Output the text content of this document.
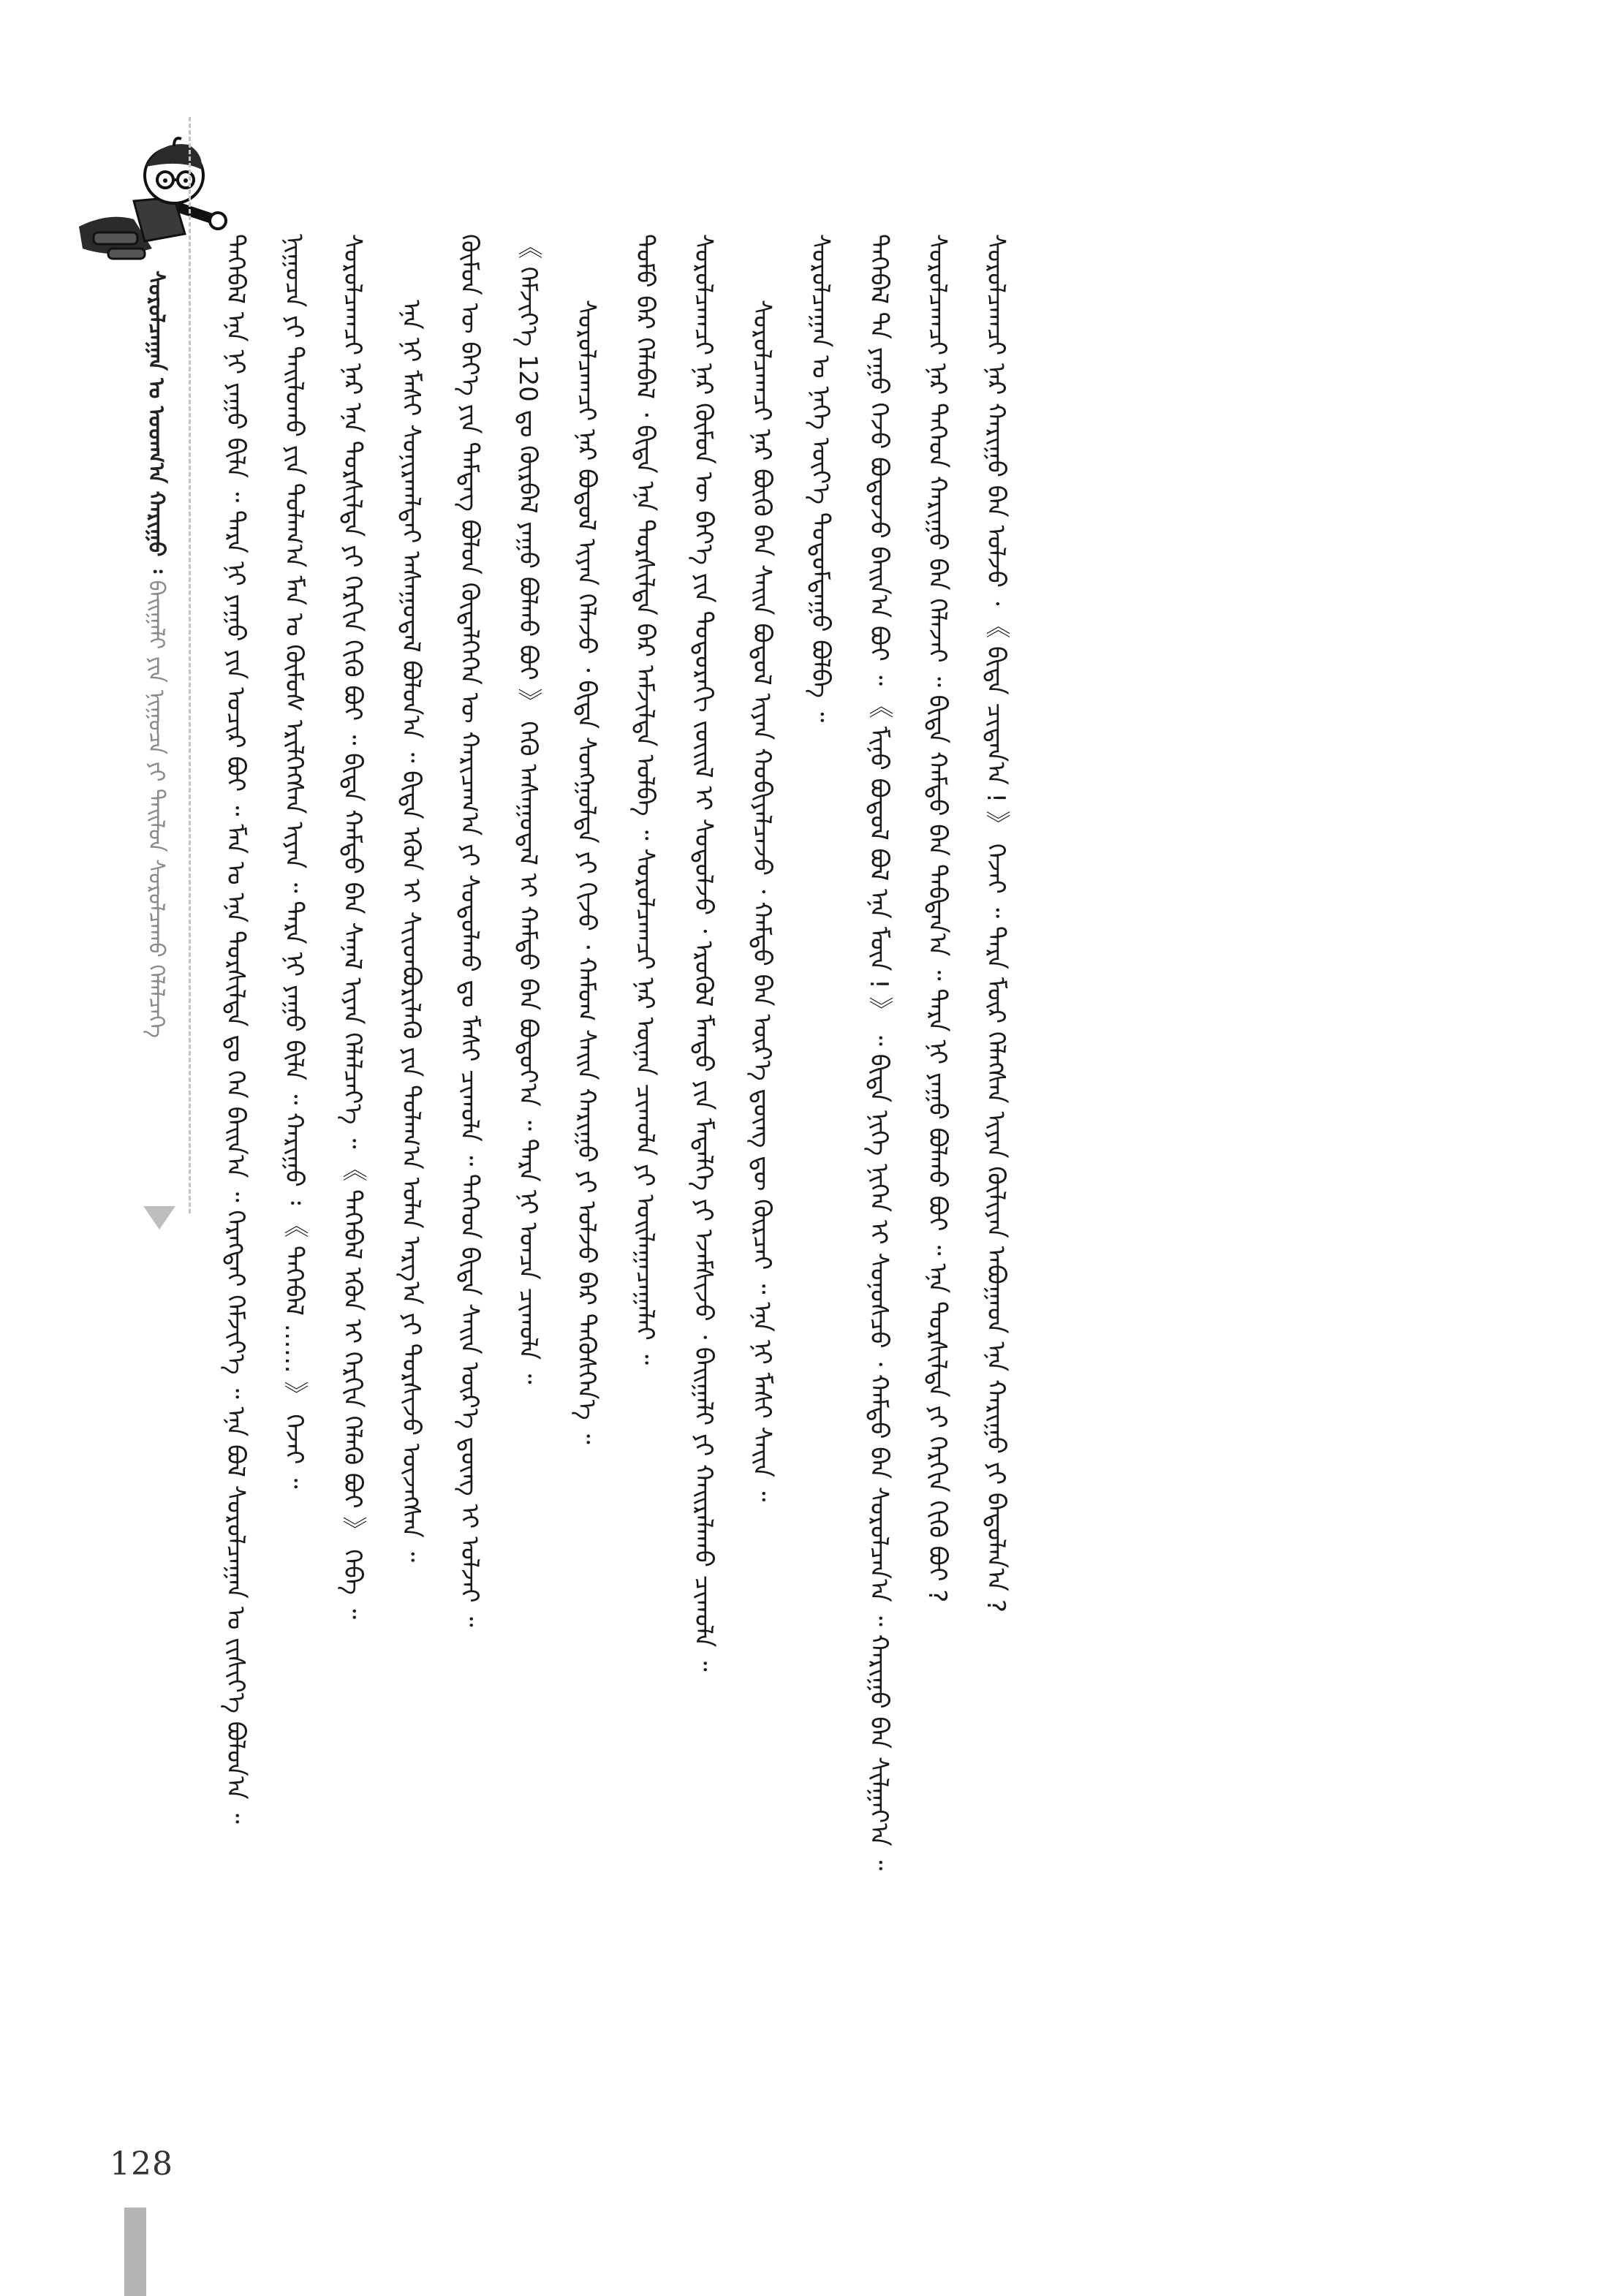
128
ᠰᠤᠷᠤᠯᠴᠠᠭᠠᠨ ᠤ ᠤᠳᠬ᠎ᠠ ᠬᠠᠷᠢᠭᠤ ᠄ ᠪᠠᠢ᠌ᠭᠠᠯᠢ ᠶᠢᠨ ᠨᠢᠭᠤᠴᠠ ᠶᠢ ᠳᠠᠢ᠌ᠯᠤᠨ ᠰᠤᠷᠤᠯᠴᠠᠬᠤ ᠬᠡᠯᠡᠯᠴᠡᠭᠡ ᠲᠡᠭᠡᠪᠡᠯ ᠡᠨᠡ ᠨᠢ ᠶᠠᠭᠤ ᠪᠢᠯᠡ ᠃ ᠲᠡᠷᠡ ᠨᠢ ᠶᠠᠭᠤ ᠶᠢᠨ ᠤᠴᠢᠷ ᠪᠤᠢ ᠃ ᠮᠠᠨ ᠤ ᠡᠨᠡ ᠲᠤᠷᠰᠢᠯᠲᠠ ᠳᠤ ᠬᠡᠨ ᠪᠠᠢ᠌ᠨ᠎ᠠ ᠃ ᠬᠡᠷᠡᠭᠲᠡᠢ ᠬᠡᠮᠵᠢᠶ᠎ᠡ ᠃ ᠡᠨᠡ ᠪᠣᠯ ᠰᠤᠷᠤᠯᠴᠠᠭᠠᠨ ᠤ ᠵᠢᠱᠢᠶ᠎ᠡ ᠪᠣᠯᠤᠨ᠎ᠠ ᠃ ᠨᠢᠭᠤᠴᠠ ᠶᠢ ᠳᠠᠢ᠌ᠯᠤᠬᠤ ᠶᠢᠨ ᠲᠤᠯᠠᠭ᠎ᠠ ᠮᠠᠨ ᠤ ᠬᠦᠮᠦᠰ ᠡᠷᠢᠯᠬᠡᠭᠰᠡᠨ ᠢᠶᠡᠨ ᠃ ᠲᠡᠷᠡ ᠨᠢ ᠶᠠᠭᠤ ᠪᠢᠯᠡ ᠃ ᠬᠠᠷᠢᠭᠤ ᠄ 《 ᠲᠡᠭᠡᠪᠡᠯ …… 》 ᠭᠡᠵᠡᠢ ᠃ ᠰᠤᠷᠤᠯᠴᠠᠭᠴᠢ ᠨᠠᠷ ᠡᠨᠡ ᠲᠤᠷᠰᠢᠯᠲᠠ ᠶᠢ ᠬᠡᠷᠬᠢᠨ ᠬᠢᠬᠦ ᠪᠤᠢ ᠃ ᠪᠢᠳᠡ ᠬᠠᠮᠲᠤ ᠪᠠᠨ ᠰᠠᠨᠠᠯ ᠢᠶᠠᠨ ᠬᠡᠯᠡᠯᠴᠡᠶ᠎ᠡ ᠃ 《 ᠲᠡᠭᠡᠪᠡᠯ ᠡᠭᠦᠨ ᠢ ᠬᠡᠷᠬᠢᠨ ᠬᠡᠯᠡᠬᠦ ᠪᠤᠢ 》 ᠭᠡᠪᠡ ᠃ ᠡᠨᠡ ᠨᠢ ᠮᠠᠰᠢ ᠰᠣᠨᠢᠷᠬᠠᠯᠲᠠᠢ ᠠᠰᠠᠭᠤᠳᠠᠯ ᠪᠣᠯᠤᠨ᠎ᠠ ᠃ ᠪᠢᠳᠡ ᠡᠭᠦᠨ ᠢ ᠰᠢᠢᠳᠪᠦᠷᠢᠯᠡᠬᠦ ᠶᠢᠨ ᠲᠤᠯᠠᠭ᠎ᠠ ᠣᠯᠠᠨ ᠠᠷᠭ᠎ᠠ ᠶᠢ ᠲᠤᠷᠰᠢᠵᠤ ᠦᠵᠡᠭᠰᠡᠨ ᠃ ᠬᠦᠮᠦᠨ ᠦ ᠪᠡᠶ᠎ᠡ ᠶᠢᠨ ᠲᠡᠮᠳᠡᠭ ᠪᠣᠯᠤᠨ ᠬᠥᠳᠡᠯᠭᠡᠭᠡᠨ ᠦ ᠬᠠᠷᠢᠴᠠᠭ᠎ᠠ ᠶᠢ ᠰᠤᠳᠤᠯᠬᠤ ᠳᠤ ᠮᠠᠰᠢ ᠴᠢᠬᠤᠯᠠ ᠃ ᠲᠡᠭᠡᠳ ᠪᠢᠳᠡ ᠰᠠᠢ᠌ᠨ ᠦᠷ᠎ᠡ ᠳ᠋ᠦᠩ ᠢ ᠣᠯᠵᠠᠢ ᠃ 《 ᠬᠡᠮᠵᠢᠶ᠎ᠡ 120 ᠳᠤ ᠬᠦᠷᠪᠡᠯ ᠶᠠᠭᠤ ᠪᠣᠯᠬᠤ ᠪᠤᠢ 》 ᠭᠡᠬᠦ ᠠᠰᠠᠭᠤᠳᠠᠯ ᠢ ᠬᠠᠮᠲᠤ ᠪᠠᠨ ᠪᠣᠳᠤᠶ᠎ᠠ ᠃ ᠲᠡᠷᠡ ᠨᠢ ᠣᠨᠴᠠ ᠴᠢᠬᠤᠯᠠ ᠃ ᠰᠤᠷᠤᠯᠴᠠᠭᠴᠢ ᠨᠠᠷ ᠪᠣᠳᠤᠯ ᠢᠶᠠᠨ ᠬᠡᠯᠡᠵᠦ ᠂ ᠪᠢᠳᠡ ᠰᠣᠩᠭᠤᠯᠲᠠ ᠶᠢ ᠬᠢᠵᠦ ᠂ ᠬᠠᠮᠤᠭ ᠰᠠᠢ᠌ᠨ ᠬᠠᠷᠢᠭᠤ ᠶᠢ ᠣᠯᠵᠤ ᠪᠡᠷ ᠲᠡᠭᠦᠰᠬᠡᠨ᠎ᠡ ᠃ ᠲᠣᠮᠣ ᠪᠡᠷ ᠬᠡᠯᠡᠪᠡᠯ ᠂ ᠪᠢᠳᠡ ᠡᠨᠡ ᠲᠤᠷᠰᠢᠯᠲᠠ ᠪᠠᠷ ᠠᠮᠵᠢᠯᠲᠠ ᠣᠯᠪᠠ ᠃ ᠰᠤᠷᠤᠯᠴᠠᠭᠴᠢ ᠨᠠᠷ ᠦᠨᠡᠨ ᠴᠢᠬᠤᠯᠠ ᠶᠢ ᠣᠢ᠌ᠯᠠᠭᠠᠴᠠᠭᠠᠯᠠᠢ ᠃ ᠰᠤᠷᠤᠯᠴᠠᠭᠴᠢ ᠨᠠᠷ ᠬᠦᠮᠦᠨ ᠦ ᠪᠡᠶ᠎ᠡ ᠶᠢᠨ ᠳᠣᠲᠣᠷᠠᠬᠢ ᠵᠦᠢ᠌ᠯ ᠢ ᠰᠤᠳᠤᠯᠵᠤ ᠂ ᠡᠷᠦᠬᠦᠯ ᠮᠡᠨᠳᠦ ᠶᠢᠨ ᠮᠡᠳᠡᠯᠭᠡ ᠶᠢ ᠡᠵᠡᠮᠰᠢᠵᠦ ᠂ ᠪᠠᠢ᠌ᠭᠠᠯᠢ ᠶᠢ ᠬᠠᠢ᠌ᠷᠠᠯᠠᠬᠤ ᠴᠢᠬᠤᠯᠠ ᠃ ᠰᠤᠷᠤᠯᠴᠠᠭᠴᠢ ᠨᠠᠷ ᠪᠦᠬᠦ ᠪᠠᠨ ᠰᠠᠢ᠌ᠨ ᠪᠣᠳᠤᠯ ᠢᠶᠠᠨ ᠬᠤᠪᠢᠶᠠᠯᠴᠠᠵᠤ ᠂ ᠬᠠᠮᠲᠤ ᠪᠠᠨ ᠦᠷ᠎ᠡ ᠳ᠋ᠦᠩ ᠳᠦ ᠬᠦᠷᠴᠡᠢ ᠃ ᠡᠨᠡ ᠨᠢ ᠮᠠᠰᠢ ᠰᠠᠢ᠌ᠨ ᠃ ᠰᠤᠷᠤᠯᠴᠠᠭᠠᠨ ᠤ ᠨᠡᠭᠡ ᠦᠶ᠎ᠡ ᠳᠤᠲᠤᠮᠳᠠᠭᠤ ᠪᠣᠯᠪᠠ ᠃ ᠲᠡᠭᠡᠪᠡᠯ ᠲᠠ ᠶᠠᠭᠤ ᠭᠡᠵᠦ ᠪᠣᠳᠤᠵᠤ ᠪᠠᠢ᠌ᠨ᠎ᠠ ᠪᠤᠢ ᠃ 《 ᠮᠢᠨᠦ ᠪᠣᠳᠤᠯ ᠪᠣᠯ ᠡᠨᠡ ᠮᠥᠨ ! 》 ᠃ ᠪᠢᠳᠡ ᠨᠢᠭᠡ ᠨᠢᠭᠡᠨ ᠢ ᠰᠣᠨᠣᠰᠴᠤ ᠂ ᠬᠠᠮᠲᠤ ᠪᠠᠨ ᠰᠤᠷᠤᠯᠴᠠᠨ᠎ᠠ ᠃ ᠬᠠᠷᠢᠭᠤ ᠪᠠᠨ ᠰᠢᠯᠭᠠᠶ᠎ᠠ ᠃ ᠰᠤᠷᠤᠯᠴᠠᠭᠴᠢ ᠨᠠᠷ ᠲᠡᠭᠡᠳ ᠬᠠᠷᠢᠭᠤ ᠪᠠᠨ ᠬᠡᠯᠡᠵᠡᠢ ᠃ ᠪᠢᠳᠡ ᠬᠠᠮᠲᠤ ᠪᠠᠨ ᠳᠠᠪᠲᠠᠨ᠎ᠠ ᠃ ᠲᠡᠷᠡ ᠨᠢ ᠶᠠᠭᠤ ᠪᠣᠯᠬᠤ ᠪᠤᠢ ᠃ ᠡᠨᠡ ᠲᠤᠷᠰᠢᠯᠲᠠ ᠶᠢ ᠬᠡᠷᠬᠢᠨ ᠬᠢᠬᠦ ᠪᠤᠢ ? ᠰᠤᠷᠤᠯᠴᠠᠭᠴᠢ ᠨᠠᠷ ᠬᠠᠷᠢᠭᠤ ᠪᠠᠨ ᠣᠯᠵᠤ ᠂ 《 ᠪᠢᠳᠡ ᠴᠢᠳᠠᠨ᠎ᠠ ! 》 ᠭᠡᠵᠡᠢ ᠃ ᠲᠡᠷᠡ ᠮᠥᠷ ᠬᠡᠯᠡᠭᠰᠡᠨ ᠢᠶᠡᠨ ᠬᠦᠯᠢᠶᠡᠨ ᠠᠪᠤᠭᠠᠳ ᠡᠨᠡ ᠬᠠᠷᠢᠭᠤ ᠶᠢ ᠪᠠᠲᠤᠯᠠᠨ᠎ᠠ ?
